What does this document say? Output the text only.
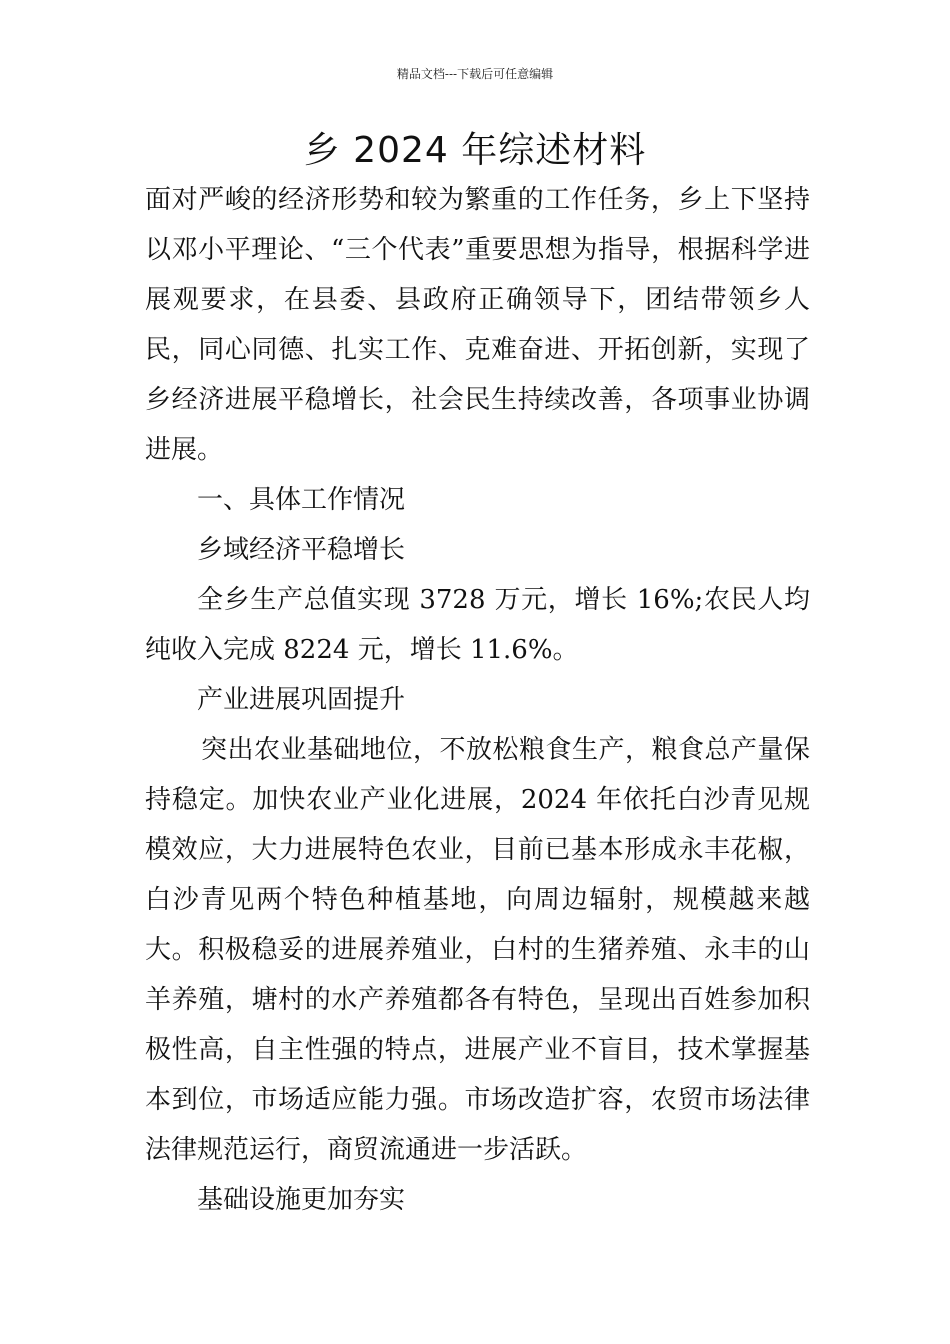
精品文档---下载后可任意编辑
乡 2024 年综述材料

面对严峻的经济形势和较为繁重的工作任务，乡上下坚持以邓小平理论、“三个代表”重要思想为指导，根据科学进展观要求，在县委、县政府正确领导下，团结带领乡人民，同心同德、扎实工作、克难奋进、开拓创新，实现了乡经济进展平稳增长，社会民生持续改善，各项事业协调进展。

一、具体工作情况

乡域经济平稳增长

全乡生产总值实现 3728 万元，增长 16%;农民人均纯收入完成 8224 元，增长 11.6%。

产业进展巩固提升

突出农业基础地位，不放松粮食生产，粮食总产量保持稳定。加快农业产业化进展，2024 年依托白沙青见规模效应，大力进展特色农业，目前已基本形成永丰花椒，白沙青见两个特色种植基地，向周边辐射，规模越来越大。积极稳妥的进展养殖业，白村的生猪养殖、永丰的山羊养殖，塘村的水产养殖都各有特色，呈现出百姓参加积极性高，自主性强的特点，进展产业不盲目，技术掌握基本到位，市场适应能力强。市场改造扩容，农贸市场法律法律规范运行，商贸流通进一步活跃。

基础设施更加夯实
